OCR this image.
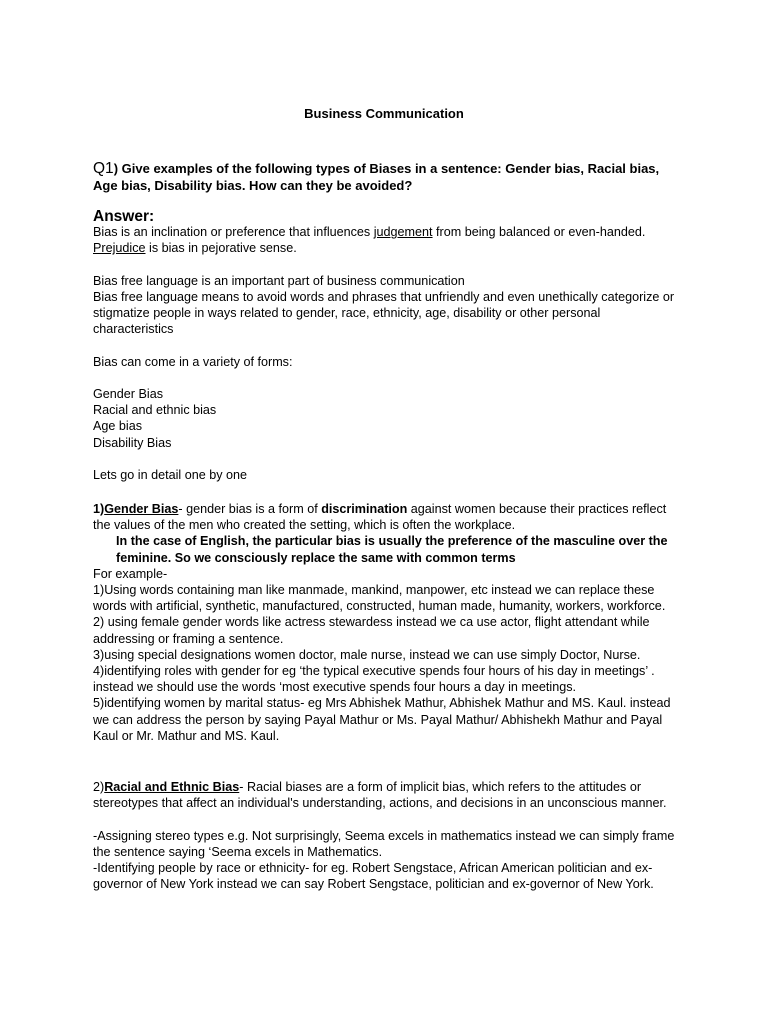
Business Communication
Q1) Give examples of the following types of Biases in a sentence: Gender bias, Racial bias, Age bias, Disability bias. How can they be avoided?
Answer:

Bias is an inclination or preference that influences judgement from being balanced or even-handed. Prejudice is bias in pejorative sense.

Bias free language is an important part of business communication

Bias free language means to avoid words and phrases that unfriendly and even unethically categorize or stigmatize people in ways related to gender, race, ethnicity, age, disability or other personal characteristics

Bias can come in a variety of forms:

Gender Bias

Racial and ethnic bias

Age bias

Disability Bias

Lets go in detail one by one

1)Gender Bias- gender bias is a form of discrimination against women because their practices reflect the values of the men who created the setting, which is often the workplace.

In the case of English, the particular bias is usually the preference of the masculine over the feminine. So we consciously replace the same with common terms

For example-

1)Using words containing man like manmade, mankind, manpower, etc instead we can replace these words with artificial, synthetic, manufactured, constructed, human made, humanity, workers, workforce.

2) using female gender words like actress stewardess instead we ca use actor, flight attendant while addressing or framing a sentence.

3)using special designations women doctor, male nurse, instead we can use simply Doctor, Nurse.

4)identifying roles with gender for eg ‘the typical executive spends four hours of his day in meetings’ . instead we should use the words ‘most executive spends four hours a day in meetings.

5)identifying women by marital status- eg Mrs Abhishek Mathur, Abhishek Mathur and MS. Kaul. instead we can address the person by saying Payal Mathur or Ms. Payal Mathur/ Abhishekh Mathur and Payal Kaul or Mr. Mathur and MS. Kaul.

2)Racial and Ethnic Bias- Racial biases are a form of implicit bias, which refers to the attitudes or stereotypes that affect an individual's understanding, actions, and decisions in an unconscious manner.

-Assigning stereo types e.g. Not surprisingly, Seema excels in mathematics instead we can simply frame the sentence saying ‘Seema excels in Mathematics.

-Identifying people by race or ethnicity- for eg. Robert Sengstace, African American politician and ex-governor of New York instead we can say Robert Sengstace, politician and ex-governor of New York.
